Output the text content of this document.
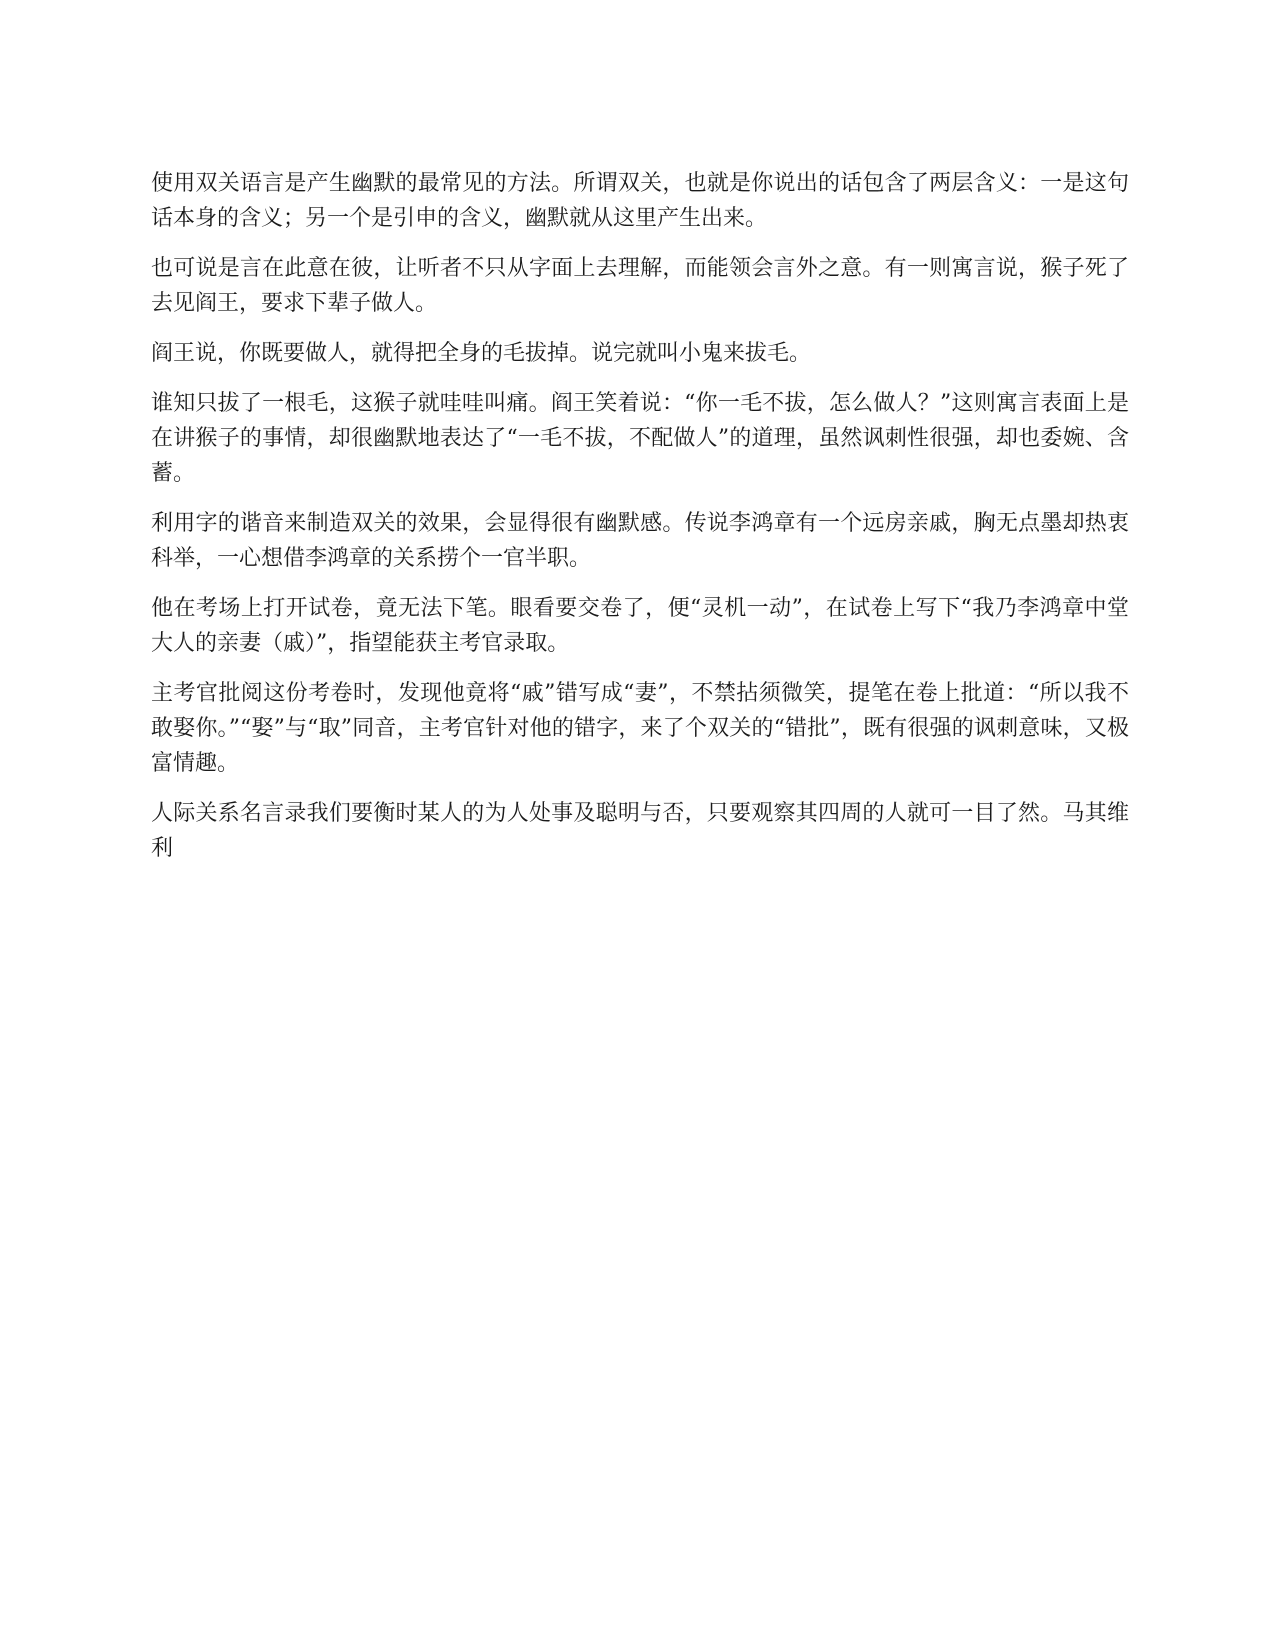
使用双关语言是产生幽默的最常见的方法。所谓双关，也就是你说出的话包含了两层含义：一是这句话本身的含义；另一个是引申的含义，幽默就从这里产生出来。

也可说是言在此意在彼，让听者不只从字面上去理解，而能领会言外之意。有一则寓言说，猴子死了去见阎王，要求下辈子做人。

阎王说，你既要做人，就得把全身的毛拔掉。说完就叫小鬼来拔毛。

谁知只拔了一根毛，这猴子就哇哇叫痛。阎王笑着说：“你一毛不拔，怎么做人？”这则寓言表面上是在讲猴子的事情，却很幽默地表达了“一毛不拔，不配做人”的道理，虽然讽刺性很强，却也委婉、含蓄。

利用字的谐音来制造双关的效果，会显得很有幽默感。传说李鸿章有一个远房亲戚，胸无点墨却热衷科举，一心想借李鸿章的关系捞个一官半职。

他在考场上打开试卷，竟无法下笔。眼看要交卷了，便“灵机一动”，在试卷上写下“我乃李鸿章中堂大人的亲妻（戚）”，指望能获主考官录取。

主考官批阅这份考卷时，发现他竟将“戚”错写成“妻”，不禁拈须微笑，提笔在卷上批道：“所以我不敢娶你。”“娶”与“取”同音，主考官针对他的错字，来了个双关的“错批”，既有很强的讽刺意味，又极富情趣。

人际关系名言录我们要衡时某人的为人处事及聪明与否，只要观察其四周的人就可一目了然。马其维利
